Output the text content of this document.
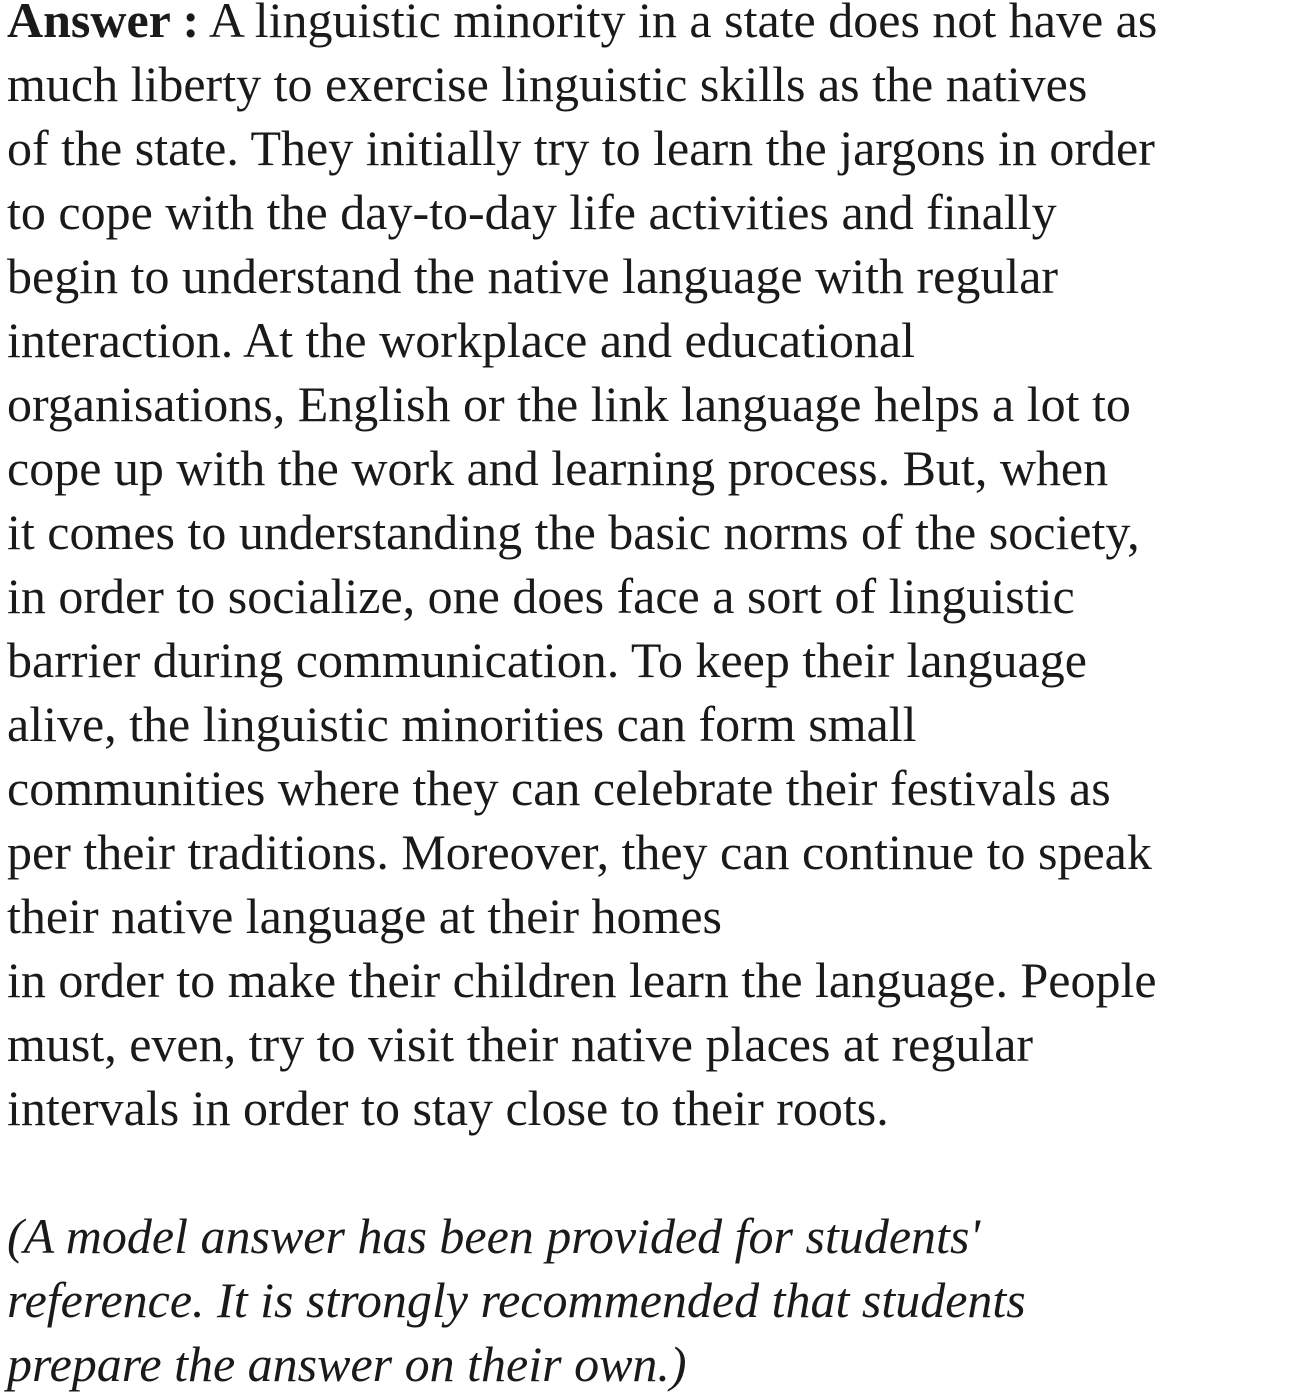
Answer : A linguistic minority in a state does not have as
much liberty to exercise linguistic skills as the natives
of the state. They initially try to learn the jargons in order
to cope with the day-to-day life activities and finally
begin to understand the native language with regular
interaction. At the workplace and educational
organisations, English or the link language helps a lot to
cope up with the work and learning process. But, when
it comes to understanding the basic norms of the society,
in order to socialize, one does face a sort of linguistic
barrier during communication. To keep their language
alive, the linguistic minorities can form small
communities where they can celebrate their festivals as
per their traditions. Moreover, they can continue to speak
their native language at their homes
in order to make their children learn the language. People
must, even, try to visit their native places at regular
intervals in order to stay close to their roots.
(A model answer has been provided for students'
reference. It is strongly recommended that students
prepare the answer on their own.)
